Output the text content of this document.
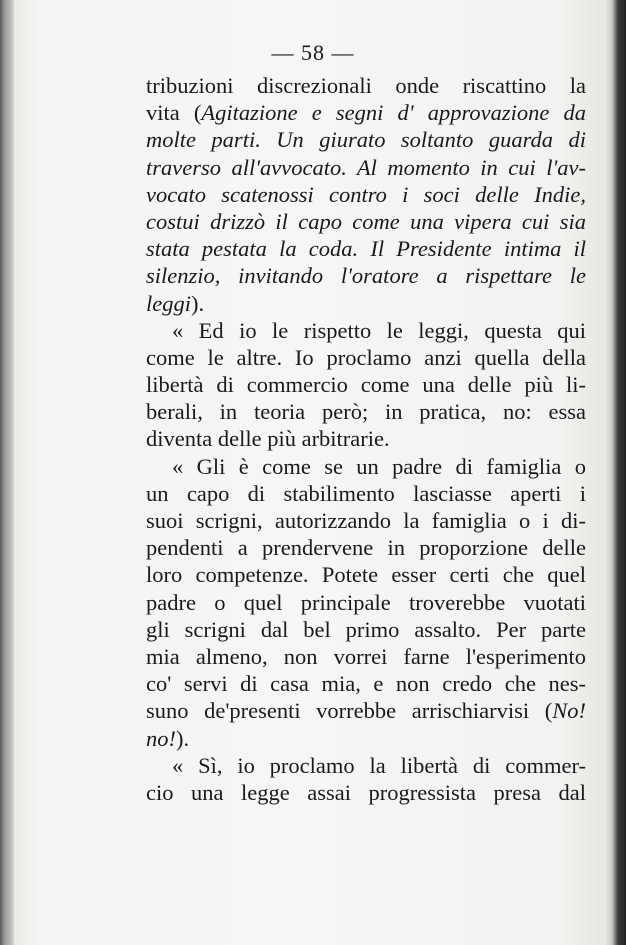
— 58 —
tribuzioni discrezionali onde riscattino la
vita (Agitazione e segni d' approvazione da
molte parti. Un giurato soltanto guarda di
traverso all'avvocato. Al momento in cui l'av-
vocato scatenossi contro i soci delle Indie,
costui drizzò il capo come una vipera cui sia
stata pestata la coda. Il Presidente intima il
silenzio, invitando l'oratore a rispettare le
leggi).
« Ed io le rispetto le leggi, questa qui
come le altre. Io proclamo anzi quella della
libertà di commercio come una delle più li-
berali, in teoria però; in pratica, no: essa
diventa delle più arbitrarie.
« Gli è come se un padre di famiglia o
un capo di stabilimento lasciasse aperti i
suoi scrigni, autorizzando la famiglia o i di-
pendenti a prendervene in proporzione delle
loro competenze. Potete esser certi che quel
padre o quel principale troverebbe vuotati
gli scrigni dal bel primo assalto. Per parte
mia almeno, non vorrei farne l'esperimento
co' servi di casa mia, e non credo che nes-
suno de'presenti vorrebbe arrischiarvisi (No!
no!).
« Sì, io proclamo la libertà di commer-
cio una legge assai progressista presa dal
